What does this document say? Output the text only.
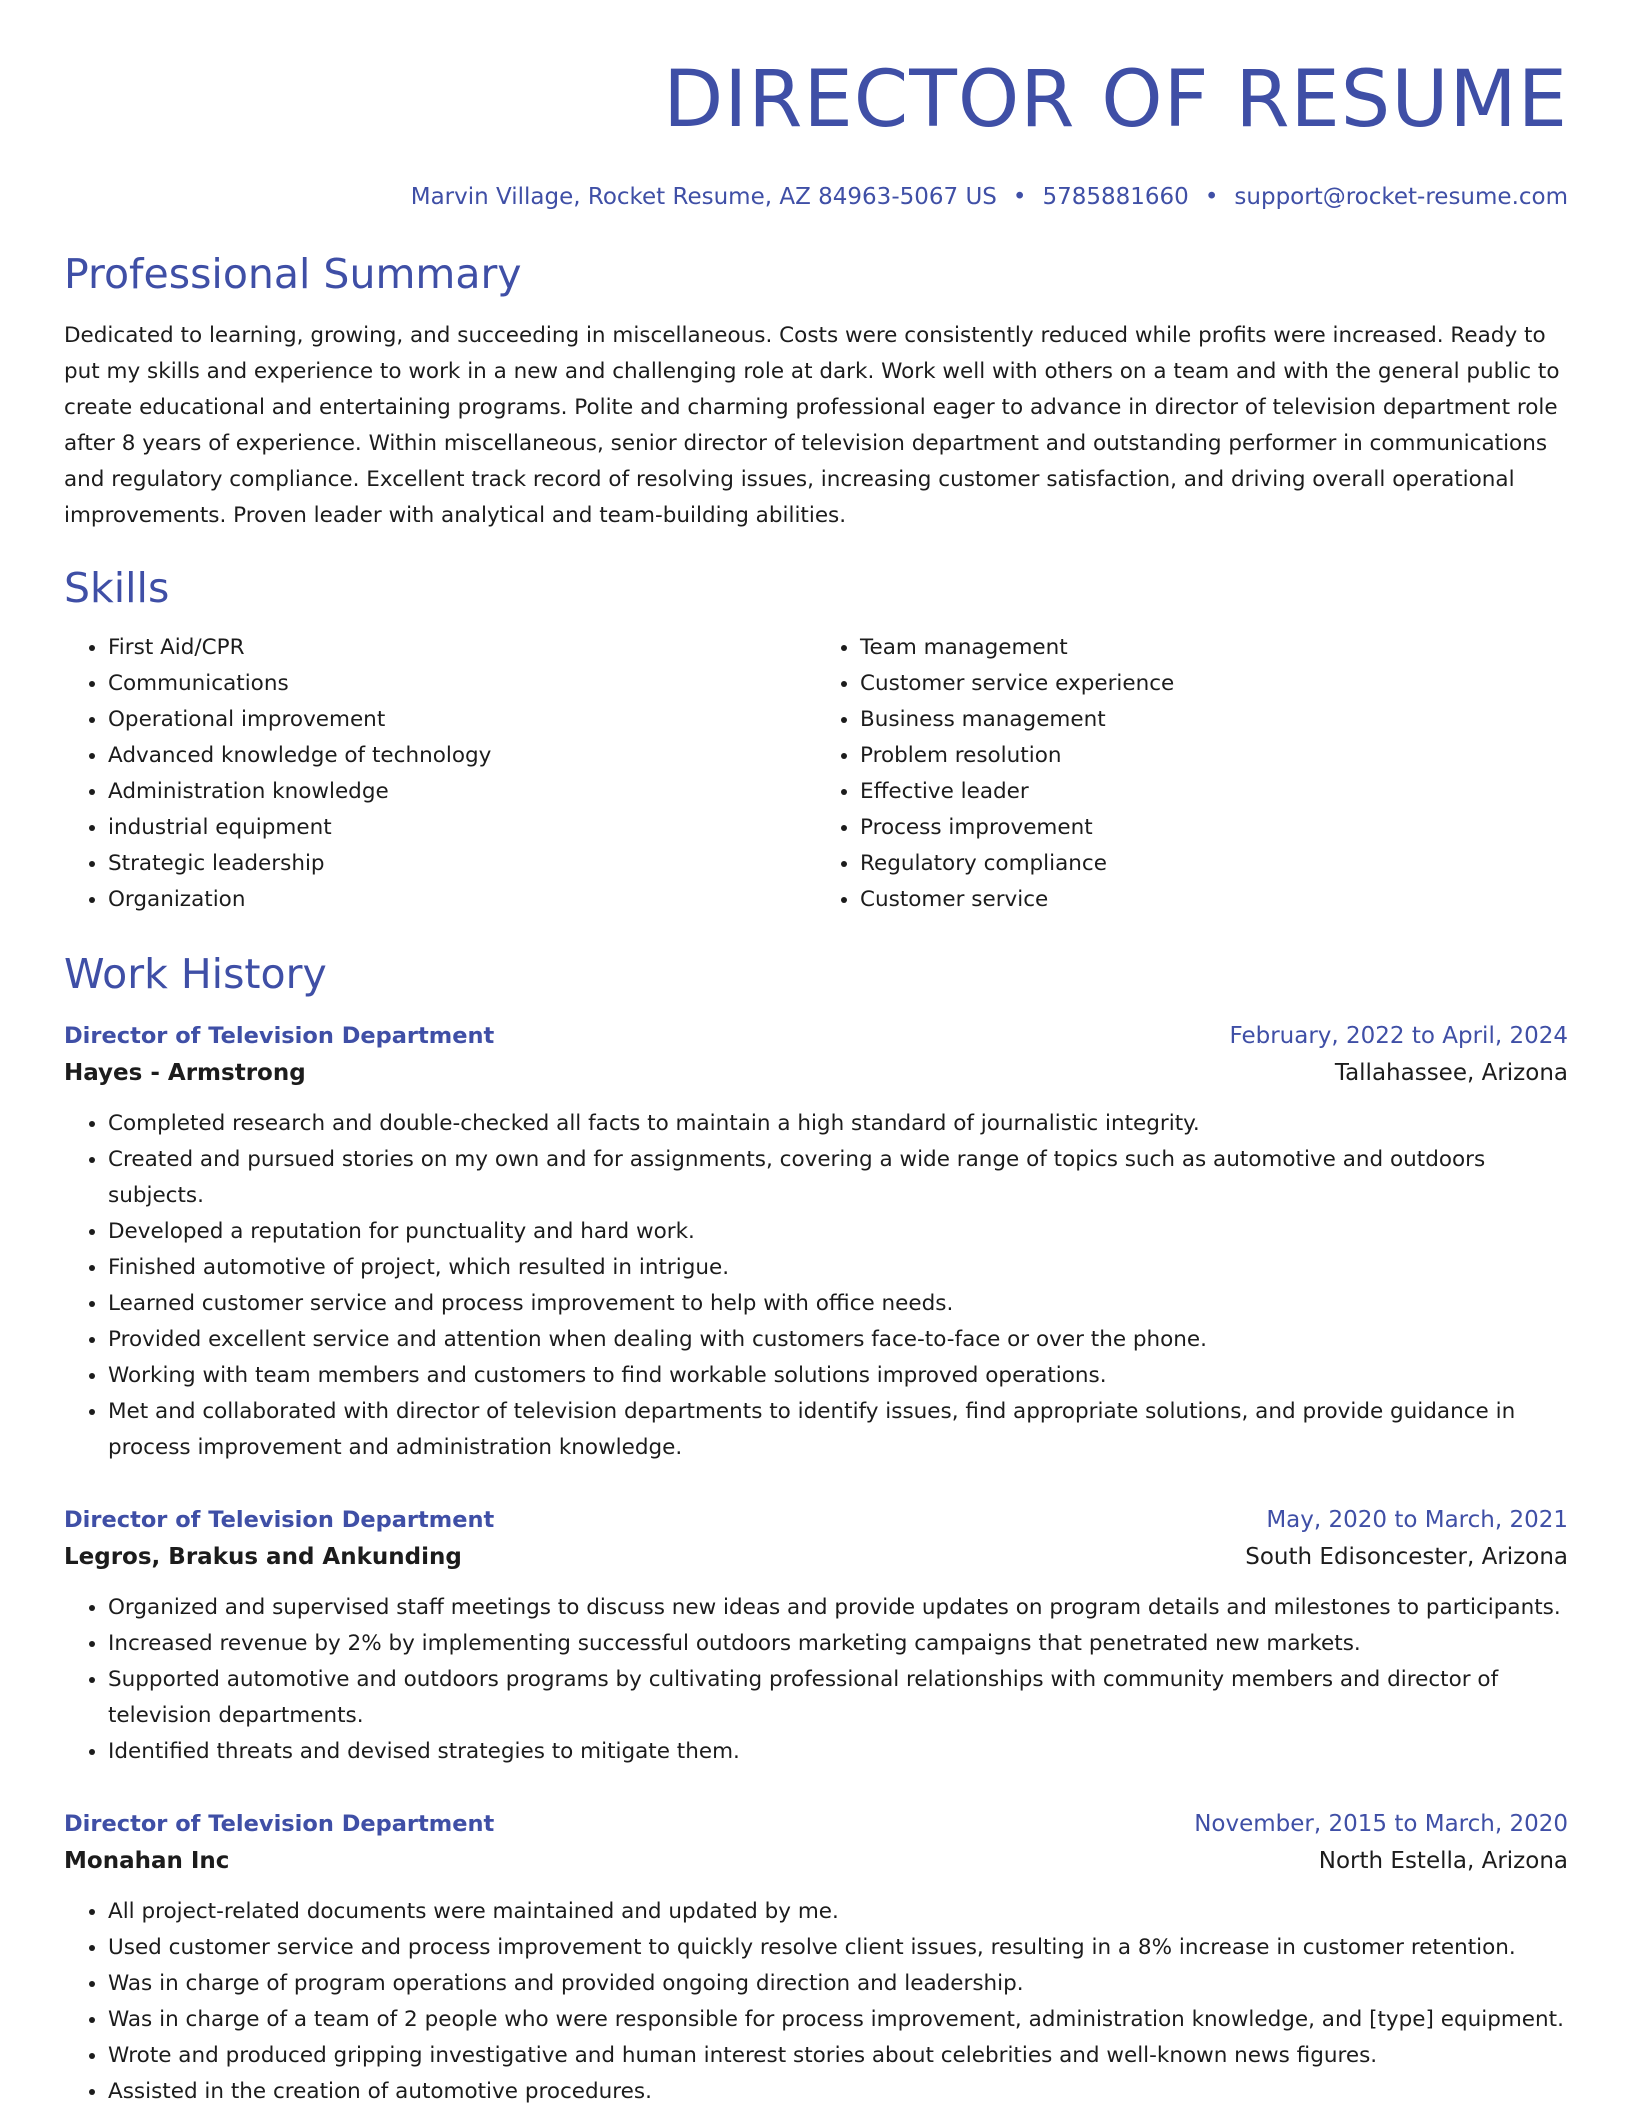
DIRECTOR OF RESUME
Marvin Village, Rocket Resume, AZ 84963-5067 US • 5785881660 • support@rocket-resume.com
Professional Summary
Dedicated to learning, growing, and succeeding in miscellaneous. Costs were consistently reduced while profits were increased. Ready to put my skills and experience to work in a new and challenging role at dark. Work well with others on a team and with the general public to create educational and entertaining programs. Polite and charming professional eager to advance in director of television department role after 8 years of experience. Within miscellaneous, senior director of television department and outstanding performer in communications and regulatory compliance. Excellent track record of resolving issues, increasing customer satisfaction, and driving overall operational improvements. Proven leader with analytical and team-building abilities.
Skills
• First Aid/CPR
• Communications
• Operational improvement
• Advanced knowledge of technology
• Administration knowledge
• industrial equipment
• Strategic leadership
• Organization
• Team management
• Customer service experience
• Business management
• Problem resolution
• Effective leader
• Process improvement
• Regulatory compliance
• Customer service
Work History
Director of Television Department	February, 2022 to April, 2024
Hayes - Armstrong	Tallahassee, Arizona
• Completed research and double-checked all facts to maintain a high standard of journalistic integrity.
• Created and pursued stories on my own and for assignments, covering a wide range of topics such as automotive and outdoors subjects.
• Developed a reputation for punctuality and hard work.
• Finished automotive of project, which resulted in intrigue.
• Learned customer service and process improvement to help with office needs.
• Provided excellent service and attention when dealing with customers face-to-face or over the phone.
• Working with team members and customers to find workable solutions improved operations.
• Met and collaborated with director of television departments to identify issues, find appropriate solutions, and provide guidance in process improvement and administration knowledge.
Director of Television Department	May, 2020 to March, 2021
Legros, Brakus and Ankunding	South Edisoncester, Arizona
• Organized and supervised staff meetings to discuss new ideas and provide updates on program details and milestones to participants.
• Increased revenue by 2% by implementing successful outdoors marketing campaigns that penetrated new markets.
• Supported automotive and outdoors programs by cultivating professional relationships with community members and director of television departments.
• Identified threats and devised strategies to mitigate them.
Director of Television Department	November, 2015 to March, 2020
Monahan Inc	North Estella, Arizona
• All project-related documents were maintained and updated by me.
• Used customer service and process improvement to quickly resolve client issues, resulting in a 8% increase in customer retention.
• Was in charge of program operations and provided ongoing direction and leadership.
• Was in charge of a team of 2 people who were responsible for process improvement, administration knowledge, and [type] equipment.
• Wrote and produced gripping investigative and human interest stories about celebrities and well-known news figures.
• Assisted in the creation of automotive procedures.
